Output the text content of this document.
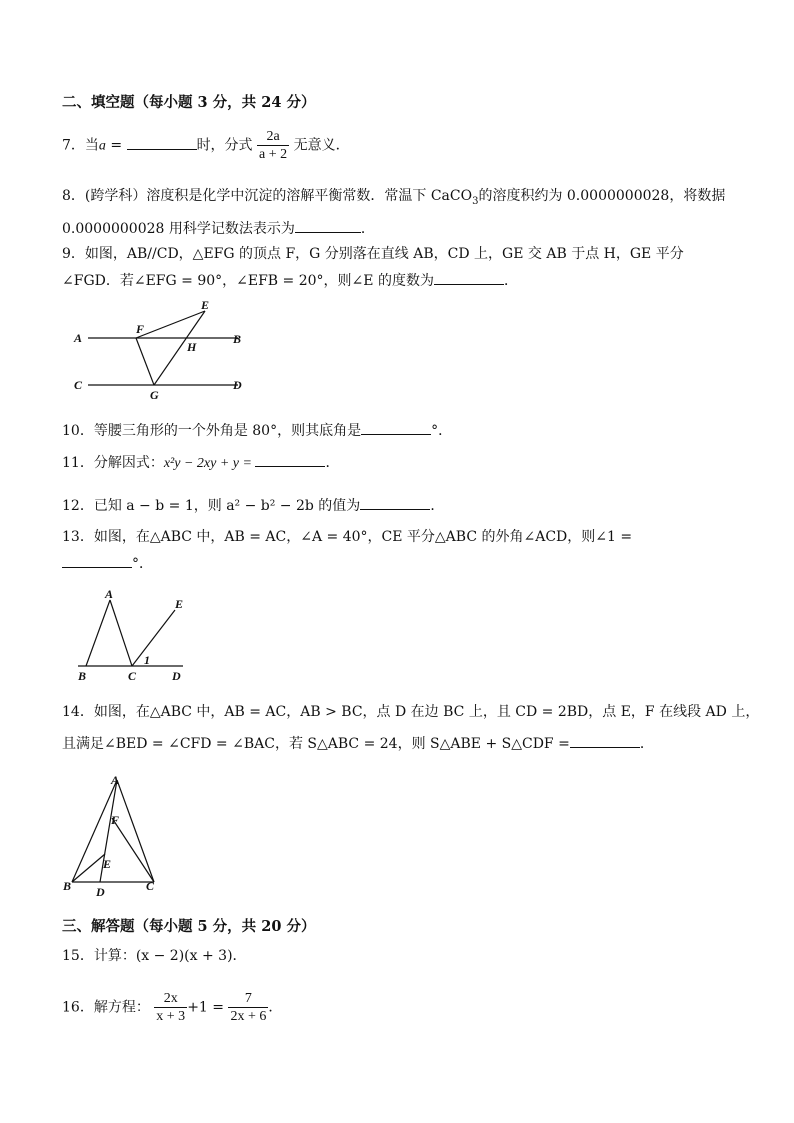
二、填空题（每小题 3 分，共 24 分）
7．当a =	时，分式 $\frac{2a}{a + 2}$ 无意义．
8．(跨学科）溶度积是化学中沉淀的溶解平衡常数．常温下 CaCO$_3$的溶度积约为 0.0000000028，将数据
0.0000000028 用科学记数法表示为	．
9．如图，AB//CD，△EFG 的顶点 F，G 分别落在直线 AB，CD 上，GE 交 AB 于点 H，GE 平分
∠FGD．若∠EFG = 90°，∠EFB = 20°，则∠E 的度数为	．
A
F
E
H
B
C
G
D
10．等腰三角形的一个外角是 80°，则其底角是	°．
11．分解因式：x²y − 2xy + y =	．
12．已知 a − b = 1，则 a² − b² − 2b 的值为	．
13．如图，在△ABC 中，AB = AC，∠A = 40°，CE 平分△ABC 的外角∠ACD，则∠1 =
°．
A
E
1
B	C	D
14．如图，在△ABC 中，AB = AC，AB > BC，点 D 在边 BC 上，且 CD = 2BD，点 E，F 在线段 AD 上，
且满足∠BED = ∠CFD = ∠BAC，若 S△ABC = 24，则 S△ABE + S△CDF =	．
A
F
E
B D	C
三、解答题（每小题 5 分，共 20 分）
15．计算：(x − 2)(x + 3)．
16．解方程： $\frac{2x}{x + 3} +1 = \frac{7}{2x + 6}$ ．
